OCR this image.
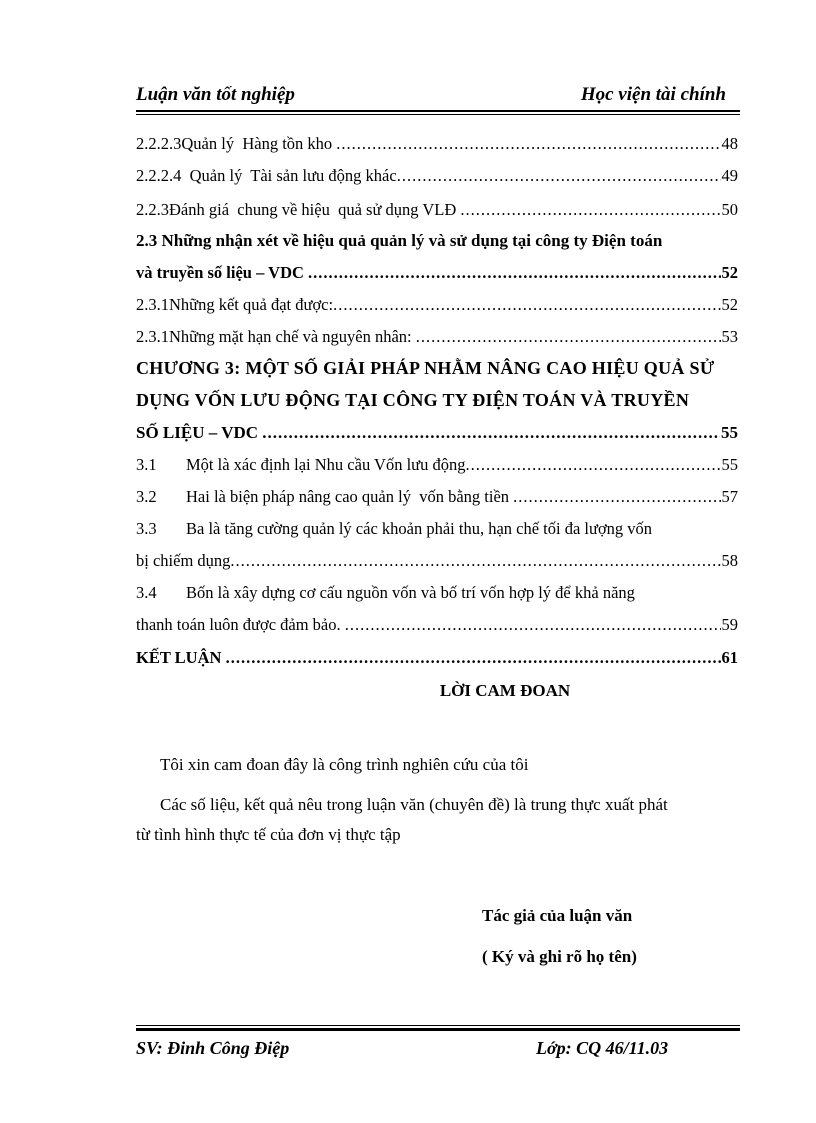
Luận văn tốt nghiệp	Học viện tài chính
2.2.2.3 Quản lý  Hàng tồn kho .....	48
2.2.2.4 Quản lý  Tài sản lưu động khác .....	49
2.2.3 Đánh giá  chung về hiệu  quả sử dụng VLĐ .....	50
2.3 Những nhận xét về hiệu quả quản lý và sử dụng tại công ty Điện toán
và truyền số liệu – VDC .....	52
2.3.1 Những kết quả đạt được: .....	52
2.3.1 Những mặt hạn chế và nguyên nhân: .....	53
CHƯƠNG 3: MỘT SỐ GIẢI PHÁP NHẰM NÂNG CAO HIỆU QUẢ SỬ
DỤNG VỐN LƯU ĐỘNG TẠI CÔNG TY ĐIỆN TOÁN VÀ TRUYỀN
SỐ LIỆU – VDC .....	55
3.1	Một là xác định lại Nhu cầu Vốn lưu động .....	55
3.2	Hai là biện pháp nâng cao quản lý  vốn bằng tiền .....	57
3.3 Ba là tăng cường quản lý các khoản phải thu, hạn chế tối đa lượng vốn
bị chiếm dụng .....	58
3.4 Bốn là xây dựng cơ cấu nguồn vốn và bố trí vốn hợp lý để khả năng
thanh toán luôn được đảm bảo. .....	59
KẾT LUẬN .....	61
LỜI CAM ĐOAN
Tôi xin cam đoan đây là công trình nghiên cứu của tôi
Các số liệu, kết quả nêu trong luận văn (chuyên đề) là trung thực xuất phát
từ tình hình thực tế của đơn vị thực tập
Tác giả của luận văn
( Ký và ghi rõ họ tên)
SV: Đinh Công Điệp	Lớp: CQ 46/11.03
